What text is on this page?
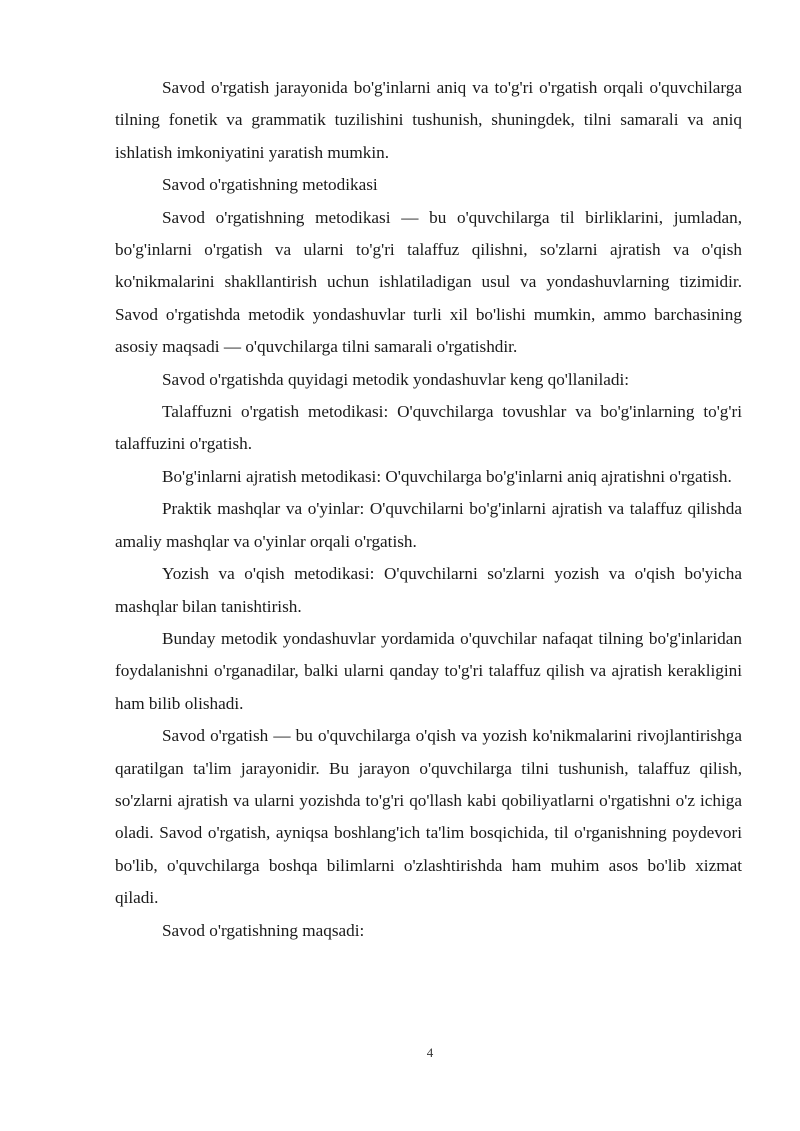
Savod o'rgatish jarayonida bo'g'inlarni aniq va to'g'ri o'rgatish orqali o'quvchilarga tilning fonetik va grammatik tuzilishini tushunish, shuningdek, tilni samarali va aniq ishlatish imkoniyatini yaratish mumkin.

Savod o'rgatishning metodikasi

Savod o'rgatishning metodikasi — bu o'quvchilarga til birliklarini, jumladan, bo'g'inlarni o'rgatish va ularni to'g'ri talaffuz qilishni, so'zlarni ajratish va o'qish ko'nikmalarini shakllantirish uchun ishlatiladigan usul va yondashuvlarning tizimidir. Savod o'rgatishda metodik yondashuvlar turli xil bo'lishi mumkin, ammo barchasining asosiy maqsadi — o'quvchilarga tilni samarali o'rgatishdir.

Savod o'rgatishda quyidagi metodik yondashuvlar keng qo'llaniladi:

Talaffuzni o'rgatish metodikasi: O'quvchilarga tovushlar va bo'g'inlarning to'g'ri talaffuzini o'rgatish.

Bo'g'inlarni ajratish metodikasi: O'quvchilarga bo'g'inlarni aniq ajratishni o'rgatish.

Praktik mashqlar va o'yinlar: O'quvchilarni bo'g'inlarni ajratish va talaffuz qilishda amaliy mashqlar va o'yinlar orqali o'rgatish.

Yozish va o'qish metodikasi: O'quvchilarni so'zlarni yozish va o'qish bo'yicha mashqlar bilan tanishtirish.

Bunday metodik yondashuvlar yordamida o'quvchilar nafaqat tilning bo'g'inlaridan foydalanishni o'rganadilar, balki ularni qanday to'g'ri talaffuz qilish va ajratish kerakligini ham bilib olishadi.

Savod o'rgatish — bu o'quvchilarga o'qish va yozish ko'nikmalarini rivojlantirishga qaratilgan ta'lim jarayonidir. Bu jarayon o'quvchilarga tilni tushunish, talaffuz qilish, so'zlarni ajratish va ularni yozishda to'g'ri qo'llash kabi qobiliyatlarni o'rgatishni o'z ichiga oladi. Savod o'rgatish, ayniqsa boshlang'ich ta'lim bosqichida, til o'rganishning poydevori bo'lib, o'quvchilarga boshqa bilimlarni o'zlashtirishda ham muhim asos bo'lib xizmat qiladi.

Savod o'rgatishning maqsadi:

4
